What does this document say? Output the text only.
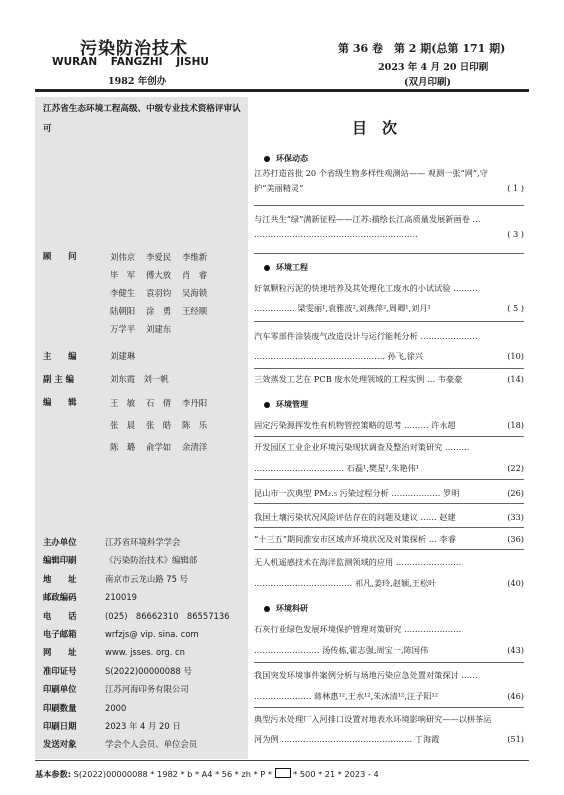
污染防治技术
WURAN FANGZHI JISHU
1982 年创办
第 36 卷　第 2 期(总第 171 期)
2023 年 4 月 20 日印刷
(双月印刷)
江苏省生态环境工程高级、中级专业技术资格评审认可
顾　　问	刘伟京	李爱民	李维新
毕　军	傅大放	肖　睿
李健生	袁羽钧	吴海锁
陆朝阳	涂　勇	王经顺
万学平	刘建东
主　　编	刘建琳
副 主 编	刘东霞　刘一帆
编　　辑	王　敏	石　倩	李丹阳
张　晨	张　皓	陈　乐
陈　璐	俞学如	余清洋
主办单位	江苏省环境科学学会
编辑印刷	《污染防治技术》编辑部
地　　址	南京市云龙山路 75 号
邮政编码	210019
电　　话	(025)　86662310　86557136
电子邮箱	wrfzjs@ vip. sina. com
网　　址	www. jsses. org. cn
准印证号	S(2022)00000088 号
印刷单位	江苏河海印务有限公司
印刷数量	2000
印刷日期	2023 年 4 月 20 日
发送对象	学会个人会员、单位会员
目　次
环保动态
江苏打造首批 20 个省级生物多样性观测站—— 观测一张“网”,守
护“美丽精灵”	( 1 )
与江共生“绿”满新征程——江苏:描绘长江高质量发展新画卷 …
……………………………………………………	( 3 )
环境工程
好氧颗粒污泥的快速培养及其处理化工废水的小试试验 ………
…………… 梁雯丽¹,袁雅波²,刘燕萍²,周卿¹,刘月¹	( 5 )
汽车零部件涂装废气改造设计与运行能耗分析 …………………
………………………………………… 孙飞,徐兴	(10)
三效蒸发工艺在 PCB 废水处理领域的工程实例 … 韦豪豪	(14)
环境管理
固定污染源挥发性有机物管控策略的思考 ……… 许永超	(18)
开发园区工业企业环境污染现状调查及整治对策研究 ………
…………………………… 石磊¹,樊星²,朱艳伟¹	(22)
昆山市一次典型 PM₂.₅ 污染过程分析 ……………… 罗明	(26)
我国土壤污染状况风险评估存在的问题及建议 …… 赵建	(33)
“十三五”期间淮安市区域声环境状况及对策探析 … 李睿	(36)
无人机遥感技术在海洋监测领域的应用 ……………………
……………………………… 祁凡,姜玲,赵颖,王松叶	(40)
环境科研
石灰行业绿色发展环境保护管理对策研究 …………………
…………………… 汤传栋,霍志强,周宝一,陈国伟	(43)
我国突发环境事件案例分析与场地污染应急处置对策探讨 ……
………………… 蒋林惠¹²,王水¹²,朱冰清¹²,汪子阳¹²	(46)
典型污水处理厂入河排口设置对地表水环境影响研究——以栟茶运
河为例 ………………………………………… 丁海霞	(51)
基本参数: S(2022)00000088 * 1982 * b * A4 * 56 * zh * P *	* 500 * 21 * 2023 - 4
